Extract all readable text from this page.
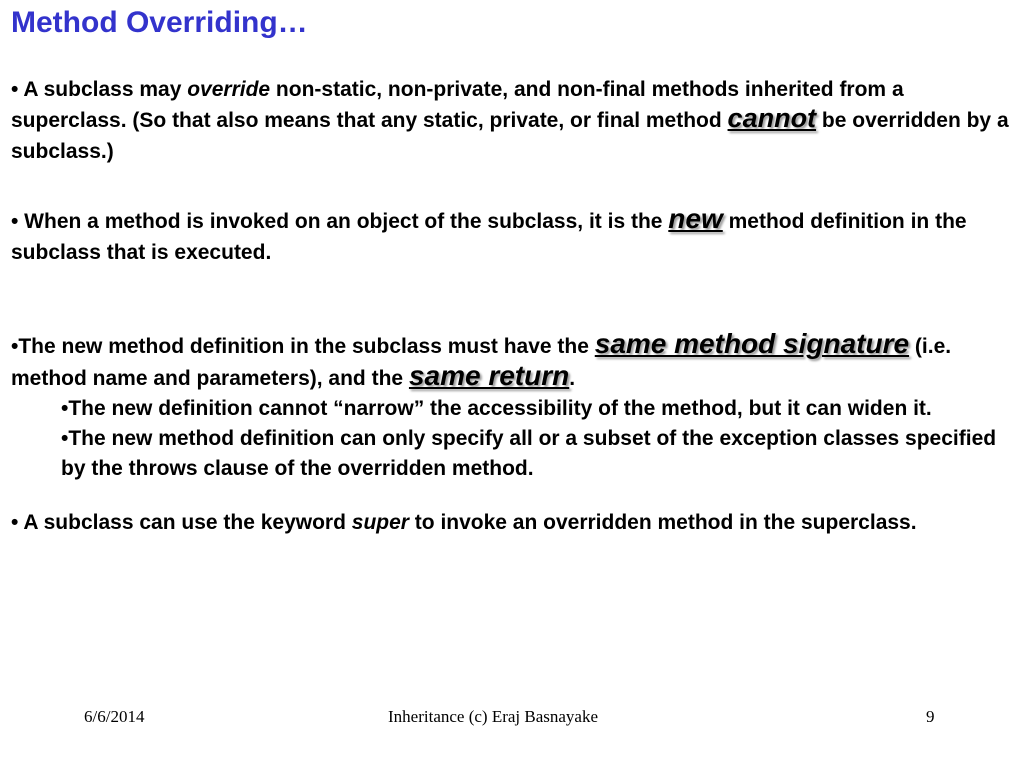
Method Overriding…

• A subclass may override non-static, non-private, and non-final methods inherited from a superclass. (So that also means that any static, private, or final method cannot be overridden by a subclass.)

• When a method is invoked on an object of the subclass, it is the new method definition in the subclass that is executed.

•The new method definition in the subclass must have the same method signature (i.e. method name and parameters), and the same return.

•The new definition cannot “narrow” the accessibility of the method, but it can widen it.

•The new method definition can only specify all or a subset of the exception classes specified by the throws clause of the overridden method.

• A subclass can use the keyword super to invoke an overridden method in the superclass.

6/6/2014	Inheritance (c) Eraj Basnayake	9
